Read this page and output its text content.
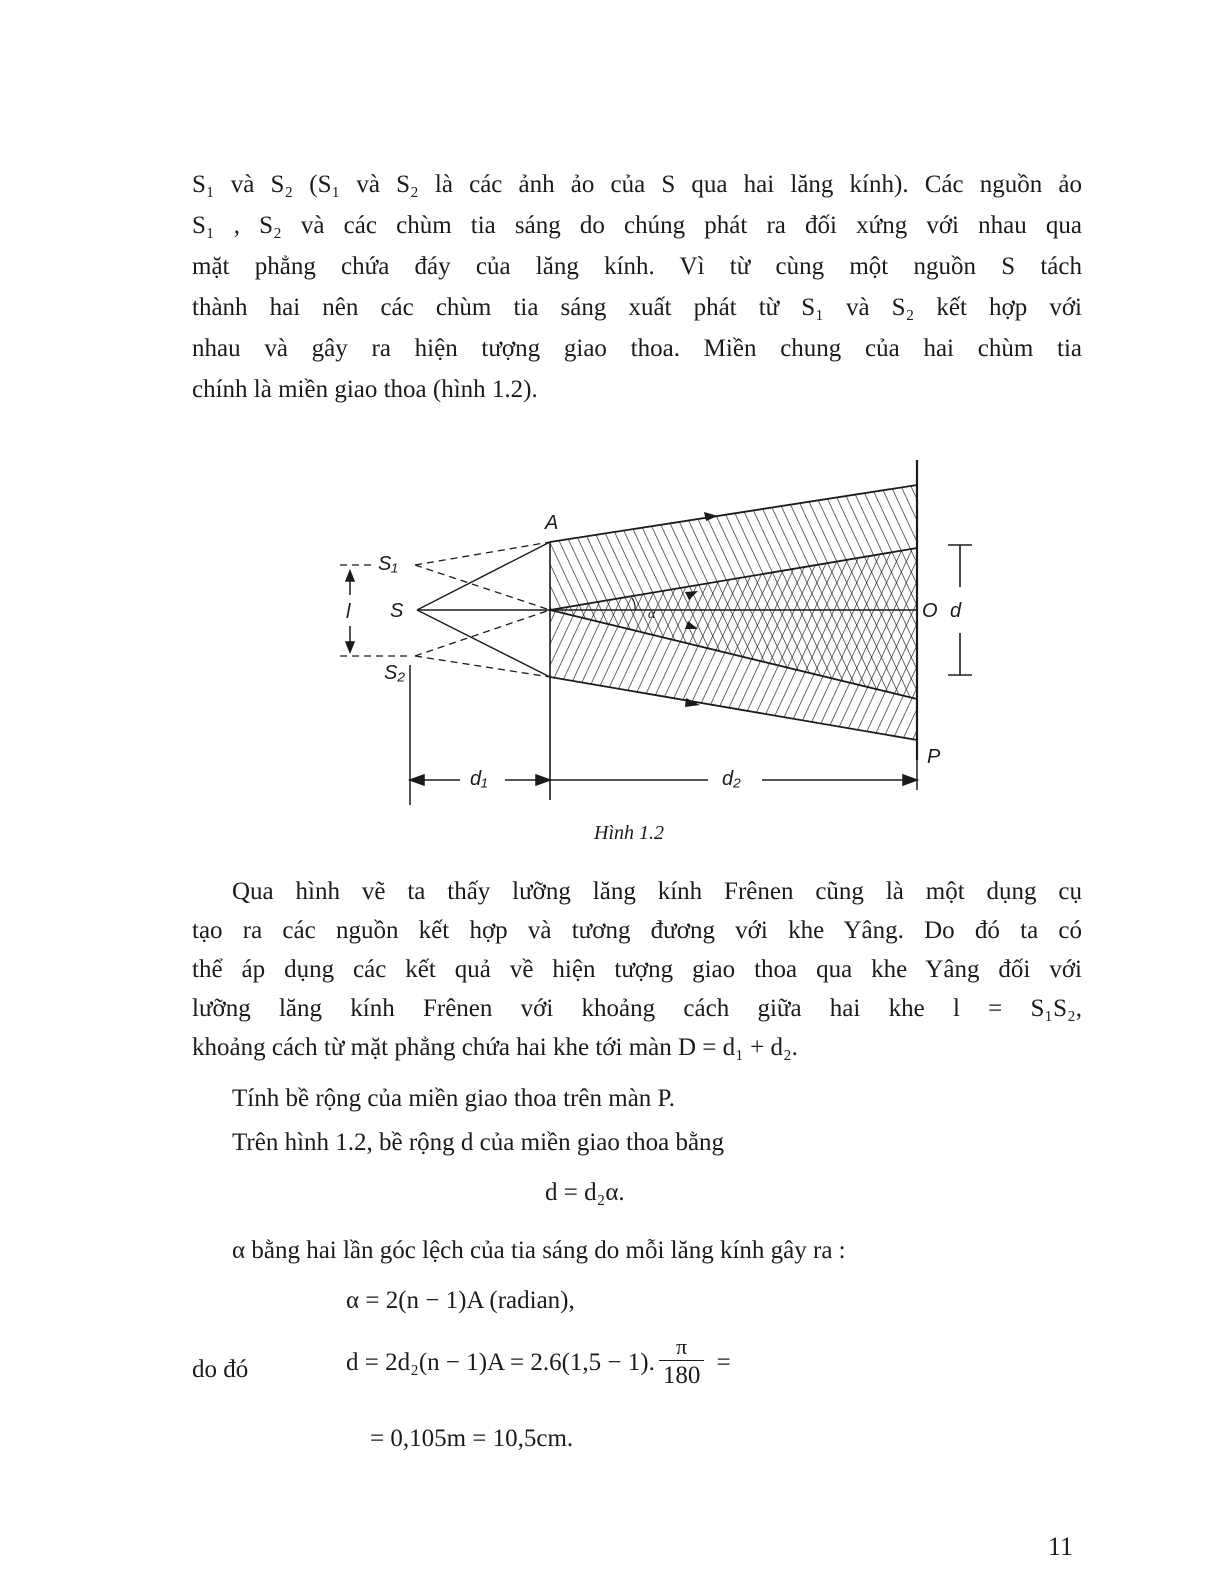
S₁ và S₂ (S₁ và S₂ là các ảnh ảo của S qua hai lăng kính). Các nguồn ảo
S₁ , S₂ và các chùm tia sáng do chúng phát ra đối xứng với nhau qua
mặt phẳng chứa đáy của lăng kính. Vì từ cùng một nguồn S tách
thành hai nên các chùm tia sáng xuất phát từ S₁ và S₂ kết hợp với
nhau và gây ra hiện tượng giao thoa. Miền chung của hai chùm tia
chính là miền giao thoa (hình 1.2).

α
l
A
S₁
S
S₂
O d
P
d₁	d₂
Hình 1.2

Qua hình vẽ ta thấy lưỡng lăng kính Frênen cũng là một dụng cụ
tạo ra các nguồn kết hợp và tương đương với khe Yâng. Do đó ta có
thể áp dụng các kết quả về hiện tượng giao thoa qua khe Yâng đối với
lưỡng lăng kính Frênen với khoảng cách giữa hai khe l = S₁S₂,
khoảng cách từ mặt phẳng chứa hai khe tới màn D = d₁ + d₂.

Tính bề rộng của miền giao thoa trên màn P.
Trên hình 1.2, bề rộng d của miền giao thoa bằng
d = d₂α.
α bằng hai lần góc lệch của tia sáng do mỗi lăng kính gây ra :
α = 2(n − 1)A (radian),
do đó	d = 2d₂(n − 1)A = 2.6(1,5 − 1). $\frac{\pi}{180}$ =
= 0,105m = 10,5cm.
11
